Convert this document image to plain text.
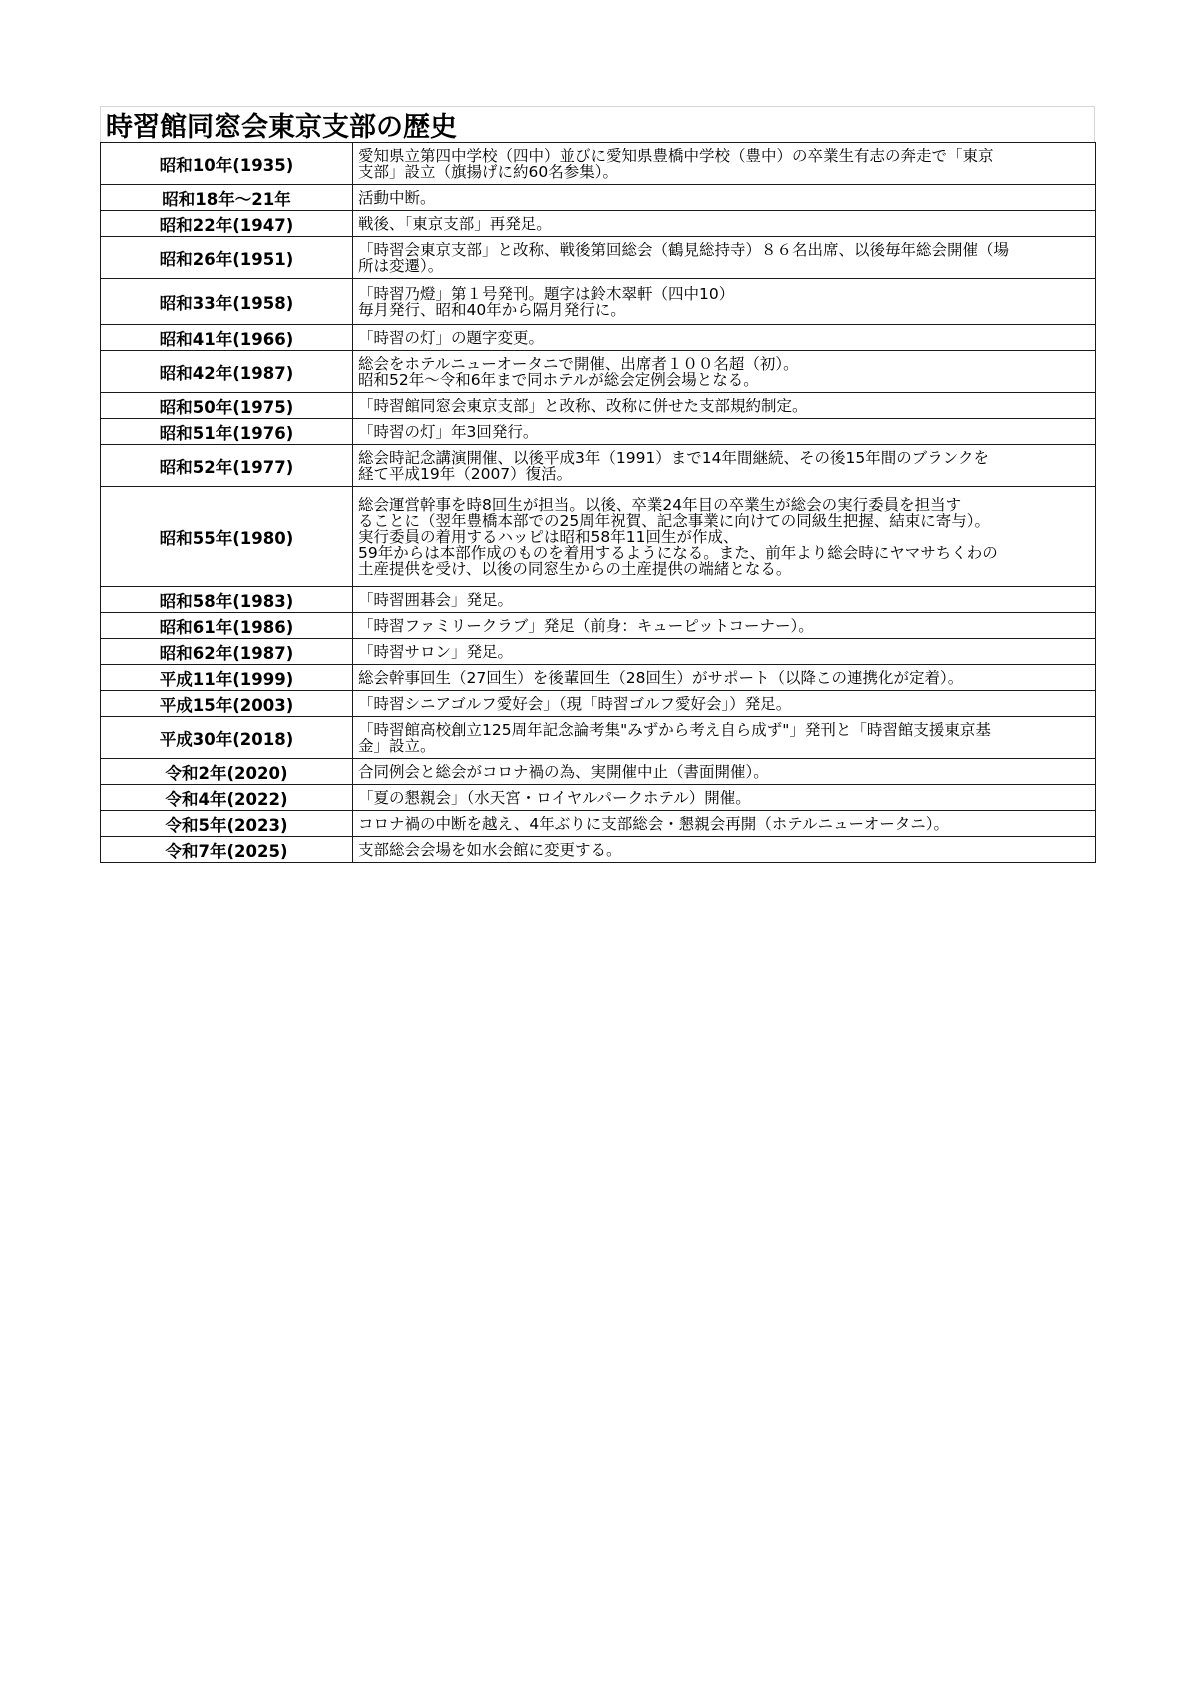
時習館同窓会東京支部の歴史
昭和10年(1935)	愛知県立第四中学校（四中）並びに愛知県豊橋中学校（豊中）の卒業生有志の奔走で「東京
支部」設立（旗揚げに約60名参集）。

昭和18年～21年	活動中断。

昭和22年(1947)	戦後、「東京支部」再発足。

昭和26年(1951)	「時習会東京支部」と改称、戦後第回総会（鶴見総持寺）８６名出席、以後毎年総会開催（場
所は変遷）。

昭和33年(1958)	「時習乃燈」第１号発刊。題字は鈴木翠軒（四中10）
毎月発行、昭和40年から隔月発行に。

昭和41年(1966)	「時習の灯」の題字変更。

昭和42年(1987)	総会をホテルニューオータニで開催、出席者１００名超（初）。
昭和52年～令和6年まで同ホテルが総会定例会場となる。

昭和50年(1975)	「時習館同窓会東京支部」と改称、改称に併せた支部規約制定。

昭和51年(1976)	「時習の灯」年3回発行。

昭和52年(1977)	総会時記念講演開催、以後平成3年（1991）まで14年間継続、その後15年間のブランクを
経て平成19年（2007）復活。

昭和55年(1980)	総会運営幹事を時8回生が担当。以後、卒業24年目の卒業生が総会の実行委員を担当す
ることに（翌年豊橋本部での25周年祝賀、記念事業に向けての同級生把握、結束に寄与）。
実行委員の着用するハッピは昭和58年11回生が作成、
59年からは本部作成のものを着用するようになる。また、前年より総会時にヤマサちくわの
土産提供を受け、以後の同窓生からの土産提供の端緒となる。

昭和58年(1983)	「時習囲碁会」発足。

昭和61年(1986)	「時習ファミリークラブ」発足（前身：キューピットコーナー）。

昭和62年(1987)	「時習サロン」発足。

平成11年(1999)	総会幹事回生（27回生）を後輩回生（28回生）がサポート（以降この連携化が定着）。

平成15年(2003)	「時習シニアゴルフ愛好会」（現「時習ゴルフ愛好会」）発足。

平成30年(2018)	「時習館高校創立125周年記念論考集"みずから考え自ら成ず"」発刊と「時習館支援東京基
金」設立。

令和2年(2020)	合同例会と総会がコロナ禍の為、実開催中止（書面開催）。

令和4年(2022)	「夏の懇親会」（水天宮・ロイヤルパークホテル）開催。

令和5年(2023)	コロナ禍の中断を越え、4年ぶりに支部総会・懇親会再開（ホテルニューオータニ）。

令和7年(2025)	支部総会会場を如水会館に変更する。
